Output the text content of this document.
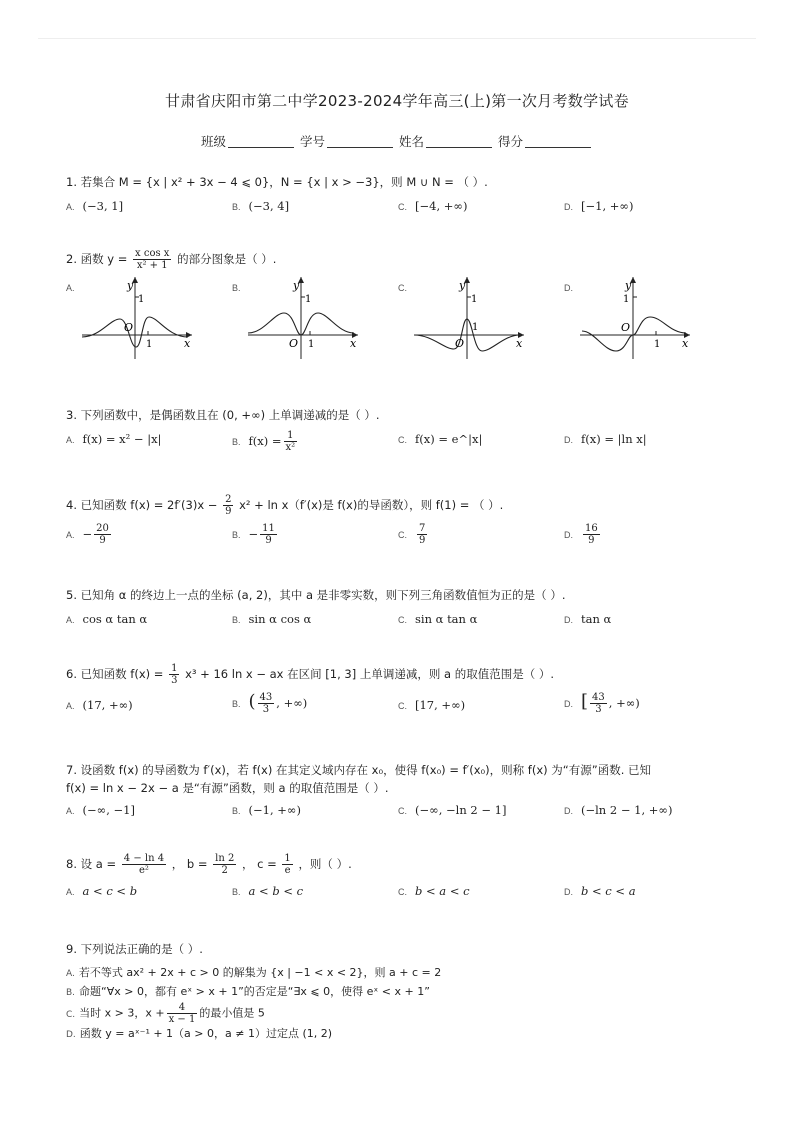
甘肃省庆阳市第二中学2023-2024学年高三(上)第一次月考数学试卷
班级	学号	姓名	得分
1. 若集合 M = {x | x² + 3x − 4 ⩽ 0}，N = {x | x > −3}，则 M ∪ N = （ ）.
A. (−3, 1]	B. (−3, 4]	C. [−4, +∞)	D. [−1, +∞)
2. 函数 $y = \frac{\text{x cos x}}{\text{x² + 1}}$ 的部分图象是（ ）.
A.	y
1
O
1	x
B.	y
1
O 1	x
C.	y
1
1
O	x
D.	y
1
O
1 x
3. 下列函数中，是偶函数且在 (0, +∞) 上单调递减的是（ ）.
A. f(x) = x² − |x|	B. $f(x) = \frac{1}{\text{x²}}$	C. f(x) = e^|x|	D. f(x) = |ln x|
4. 已知函数 $f(x) = 2f'(3)x - \frac{2}{9} x^2 + \ln x(f'(x)$是 f(x)的导函数），则 f(1) = （ ）.
A. − $\frac{20}{9}$	B. − $\frac{11}{9}$	C. $\frac{7}{9}$	D. $\frac{16}{9}$
5. 已知角 α 的终边上一点的坐标 (a, 2)，其中 a 是非零实数，则下列三角函数值恒为正的是（ ）.
A. cos α tan α	B. sin α cos α	C. sin α tan α	D. tan α
6. 已知函数 $f(x) = \frac{1}{3} x^3 + 16$ ln x − ax 在区间 [1, 3] 上单调递减，则 a 的取值范围是（ ）.
A. (17, +∞)	B. ( $\frac{43}{3}$ , +∞)	C. [17, +∞)	D. [ $\frac{43}{3}$ , +∞)
7. 设函数 f(x) 的导函数为 f′(x)，若 f(x) 在其定义域内存在 x₀，使得 f(x₀) = f′(x₀)，则称 f(x) 为“有源”函数. 已知
f(x) = ln x − 2x − a 是“有源”函数，则 a 的取值范围是（ ）.
A. (−∞, −1]	B. (−1, +∞)	C. (−∞, −ln 2 − 1]	D. (−ln 2 − 1, +∞)
8. 设 $a = \frac{4 - \ln 4}{\text{e²}}$ ， $b = \frac{\ln 2}{2}$ ， $c = \frac{1}{e}$ ，则（ ）.
A. a < c < b	B. a < b < c	C. b < a < c	D. b < c < a
9. 下列说法正确的是（ ）.
A. 若不等式 ax² + 2x + c > 0 的解集为 {x | −1 < x < 2}，则 a + c = 2
B. 命题“∀x > 0，都有 eˣ > x + 1”的否定是“∃x ⩽ 0，使得 eˣ < x + 1”
C. 当时 x > 3，$x + \frac{4}{x - 1}$ 的最小值是 5
D. 函数 y = aˣ⁻¹ + 1（a > 0，a ≠ 1）过定点 (1, 2)
